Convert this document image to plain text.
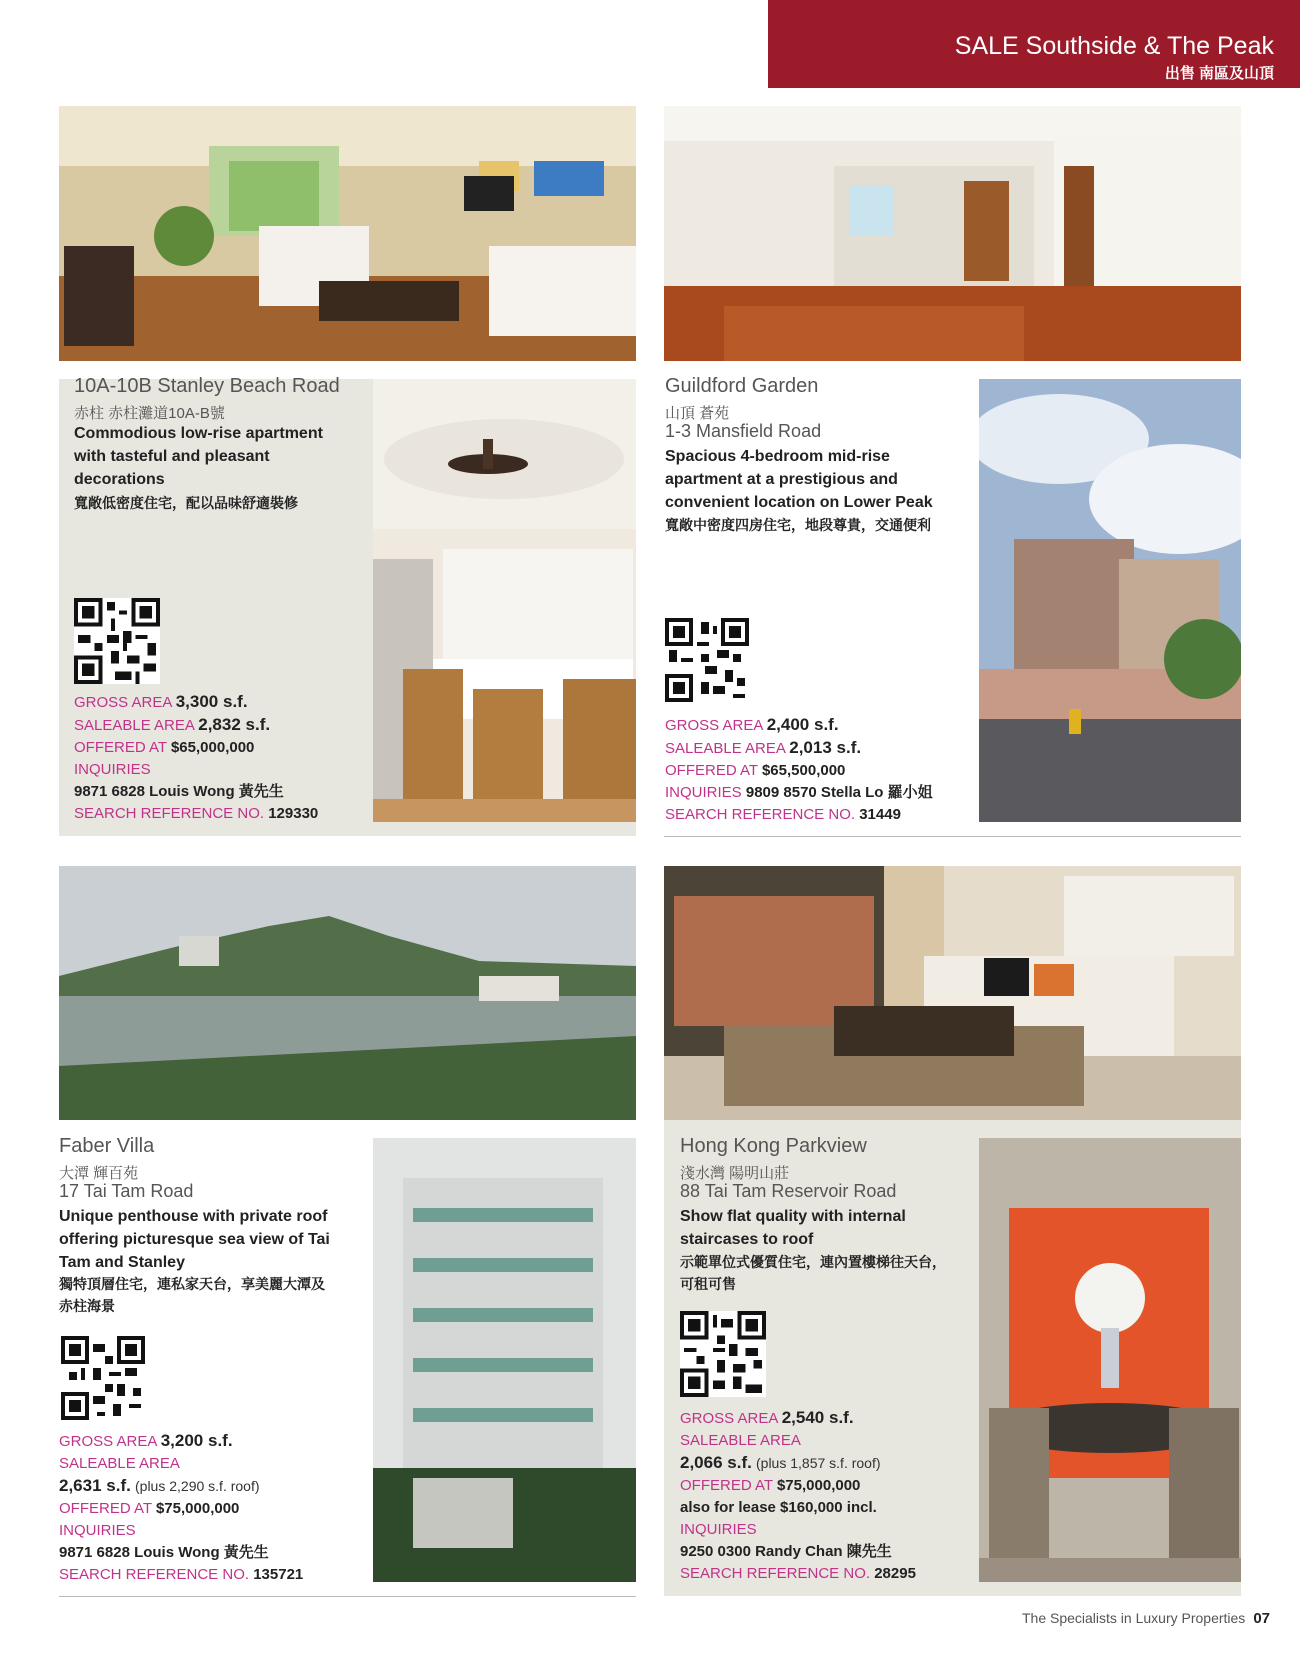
SALE Southside & The Peak
出售 南區及山頂
10A-10B Stanley Beach Road
赤柱 赤柱灘道10A-B號
Commodious low-rise apartment
with tasteful and pleasant
decorations
寬敞低密度住宅，配以品味舒適裝修
GROSS AREA 3,300 s.f.
SALEABLE AREA 2,832 s.f.
OFFERED AT $65,000,000
INQUIRIES
9871 6828 Louis Wong 黃先生
SEARCH REFERENCE NO. 129330
Guildford Garden
山頂 蒼苑
1-3 Mansfield Road
Spacious 4-bedroom mid-rise
apartment at a prestigious and
convenient location on Lower Peak
寬敞中密度四房住宅，地段尊貴，交通便利
GROSS AREA 2,400 s.f.
SALEABLE AREA 2,013 s.f.
OFFERED AT $65,500,000
INQUIRIES 9809 8570 Stella Lo 羅小姐
SEARCH REFERENCE NO. 31449
Faber Villa
大潭 輝百苑
17 Tai Tam Road
Unique penthouse with private roof
offering picturesque sea view of Tai
Tam and Stanley
獨特頂層住宅，連私家天台，享美麗大潭及
赤柱海景
GROSS AREA 3,200 s.f.
SALEABLE AREA
2,631 s.f. (plus 2,290 s.f. roof)
OFFERED AT $75,000,000
INQUIRIES
9871 6828 Louis Wong 黃先生
SEARCH REFERENCE NO. 135721
Hong Kong Parkview
淺水灣 陽明山莊
88 Tai Tam Reservoir Road
Show flat quality with internal
staircases to roof
示範單位式優質住宅，連內置樓梯往天台，
可租可售
GROSS AREA 2,540 s.f.
SALEABLE AREA
2,066 s.f. (plus 1,857 s.f. roof)
OFFERED AT $75,000,000
also for lease $160,000 incl.
INQUIRIES
9250 0300 Randy Chan 陳先生
SEARCH REFERENCE NO. 28295
The Specialists in Luxury Properties 07
